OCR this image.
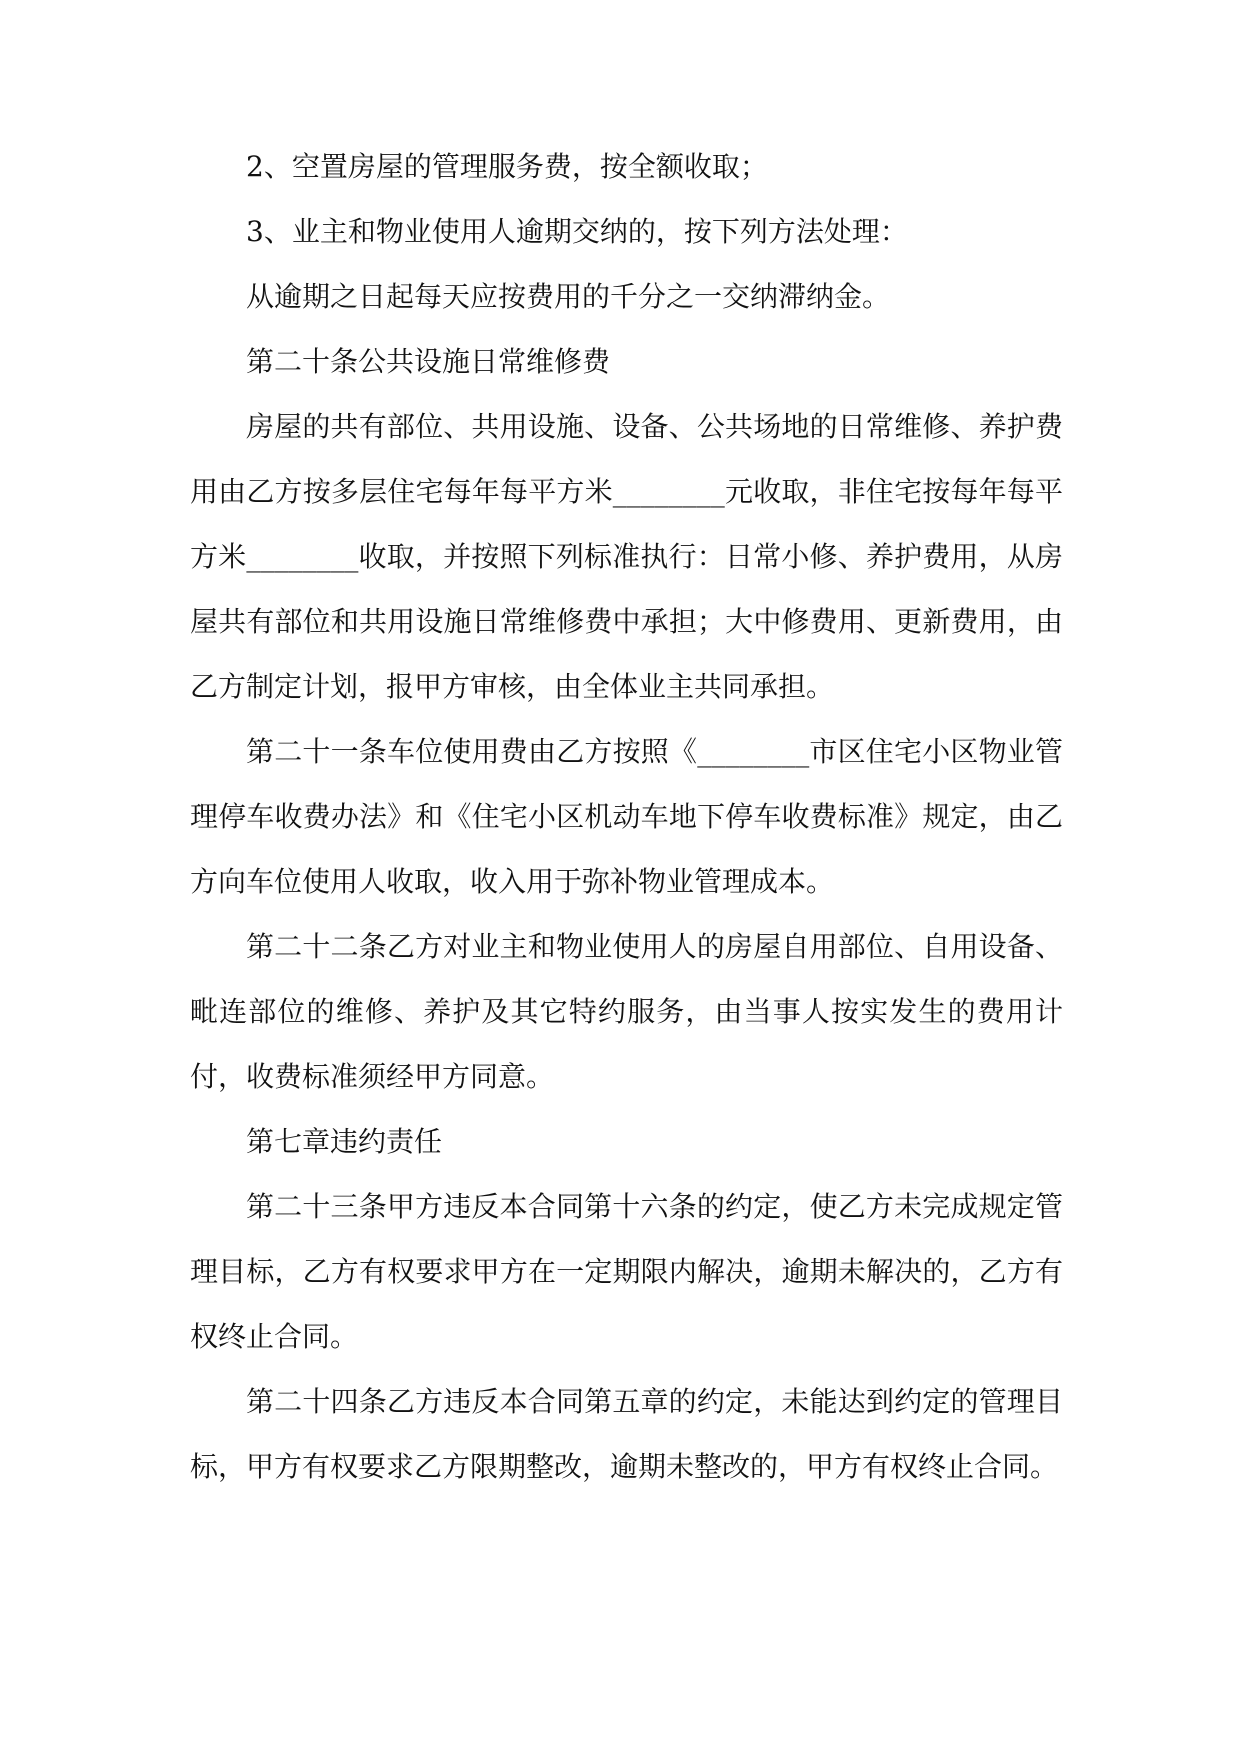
2、空置房屋的管理服务费，按全额收取；

3、业主和物业使用人逾期交纳的，按下列方法处理：

从逾期之日起每天应按费用的千分之一交纳滞纳金。

第二十条公共设施日常维修费

房屋的共有部位、共用设施、设备、公共场地的日常维修、养护费用由乙方按多层住宅每年每平方米________元收取，非住宅按每年每平方米________收取，并按照下列标准执行：日常小修、养护费用，从房屋共有部位和共用设施日常维修费中承担；大中修费用、更新费用，由乙方制定计划，报甲方审核，由全体业主共同承担。

第二十一条车位使用费由乙方按照《________市区住宅小区物业管理停车收费办法》和《住宅小区机动车地下停车收费标准》规定，由乙方向车位使用人收取，收入用于弥补物业管理成本。

第二十二条乙方对业主和物业使用人的房屋自用部位、自用设备、毗连部位的维修、养护及其它特约服务，由当事人按实发生的费用计付，收费标准须经甲方同意。

第七章违约责任

第二十三条甲方违反本合同第十六条的约定，使乙方未完成规定管理目标，乙方有权要求甲方在一定期限内解决，逾期未解决的，乙方有权终止合同。

第二十四条乙方违反本合同第五章的约定，未能达到约定的管理目标，甲方有权要求乙方限期整改，逾期未整改的，甲方有权终止合同。
